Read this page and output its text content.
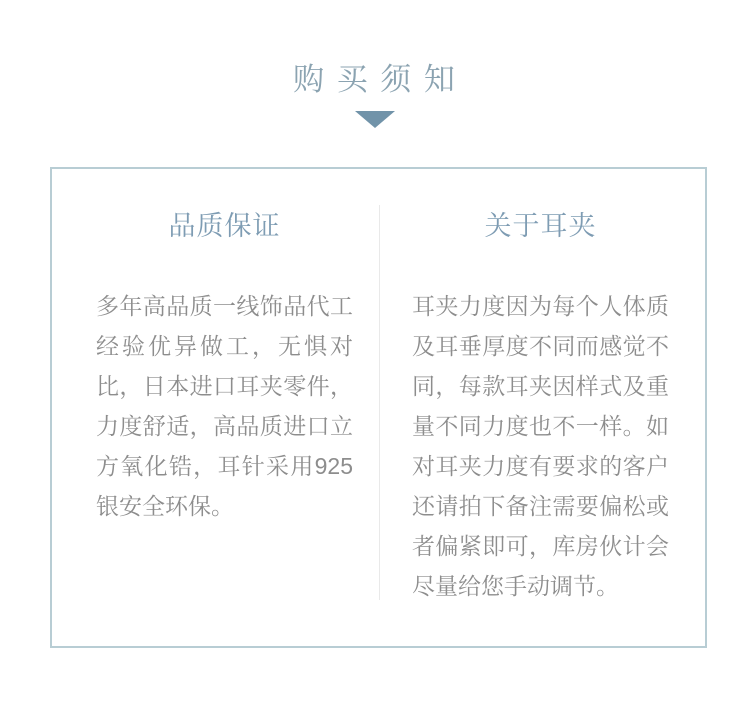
购 买 须 知
品质保证
多年高品质一线饰品代工
经验优异做工，无惧对
比，日本进口耳夹零件，
力度舒适，高品质进口立
方氧化锆，耳针采用925
银安全环保。
关于耳夹
耳夹力度因为每个人体质
及耳垂厚度不同而感觉不
同，每款耳夹因样式及重
量不同力度也不一样。如
对耳夹力度有要求的客户
还请拍下备注需要偏松或
者偏紧即可，库房伙计会
尽量给您手动调节。
